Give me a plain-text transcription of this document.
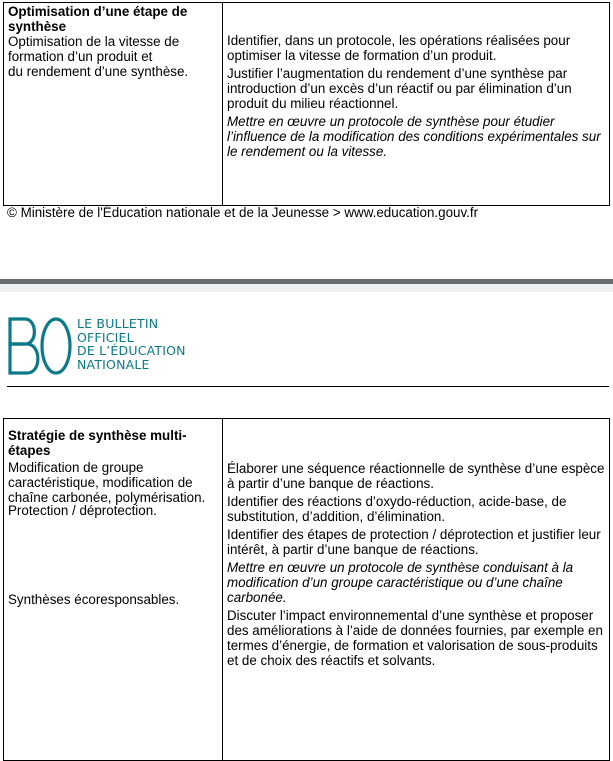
Optimisation d’une étape de synthèse
Optimisation de la vitesse de
formation d’un produit et
du rendement d’une synthèse.

Identifier, dans un protocole, les opérations réalisées pour optimiser la vitesse de formation d’un produit.
Justifier l’augmentation du rendement d’une synthèse par introduction d’un excès d’un réactif ou par élimination d’un produit du milieu réactionnel.
Mettre en œuvre un protocole de synthèse pour étudier l’influence de la modification des conditions expérimentales sur le rendement ou la vitesse.
© Ministère de l'Éducation nationale et de la Jeunesse > www.education.gouv.fr
LE BULLETIN
OFFICIEL
DE L’ÉDUCATION
NATIONALE
Stratégie de synthèse multi-étapes
Modification de groupe caractéristique, modification de chaîne carbonée, polymérisation.
Protection / déprotection.
Synthèses écoresponsables.

Élaborer une séquence réactionnelle de synthèse d’une espèce à partir d’une banque de réactions.
Identifier des réactions d’oxydo-réduction, acide-base, de substitution, d’addition, d’élimination.
Identifier des étapes de protection / déprotection et justifier leur intérêt, à partir d’une banque de réactions.
Mettre en œuvre un protocole de synthèse conduisant à la modification d’un groupe caractéristique ou d’une chaîne carbonée.
Discuter l’impact environnemental d’une synthèse et proposer des améliorations à l’aide de données fournies, par exemple en termes d’énergie, de formation et valorisation de sous-produits et de choix des réactifs et solvants.
